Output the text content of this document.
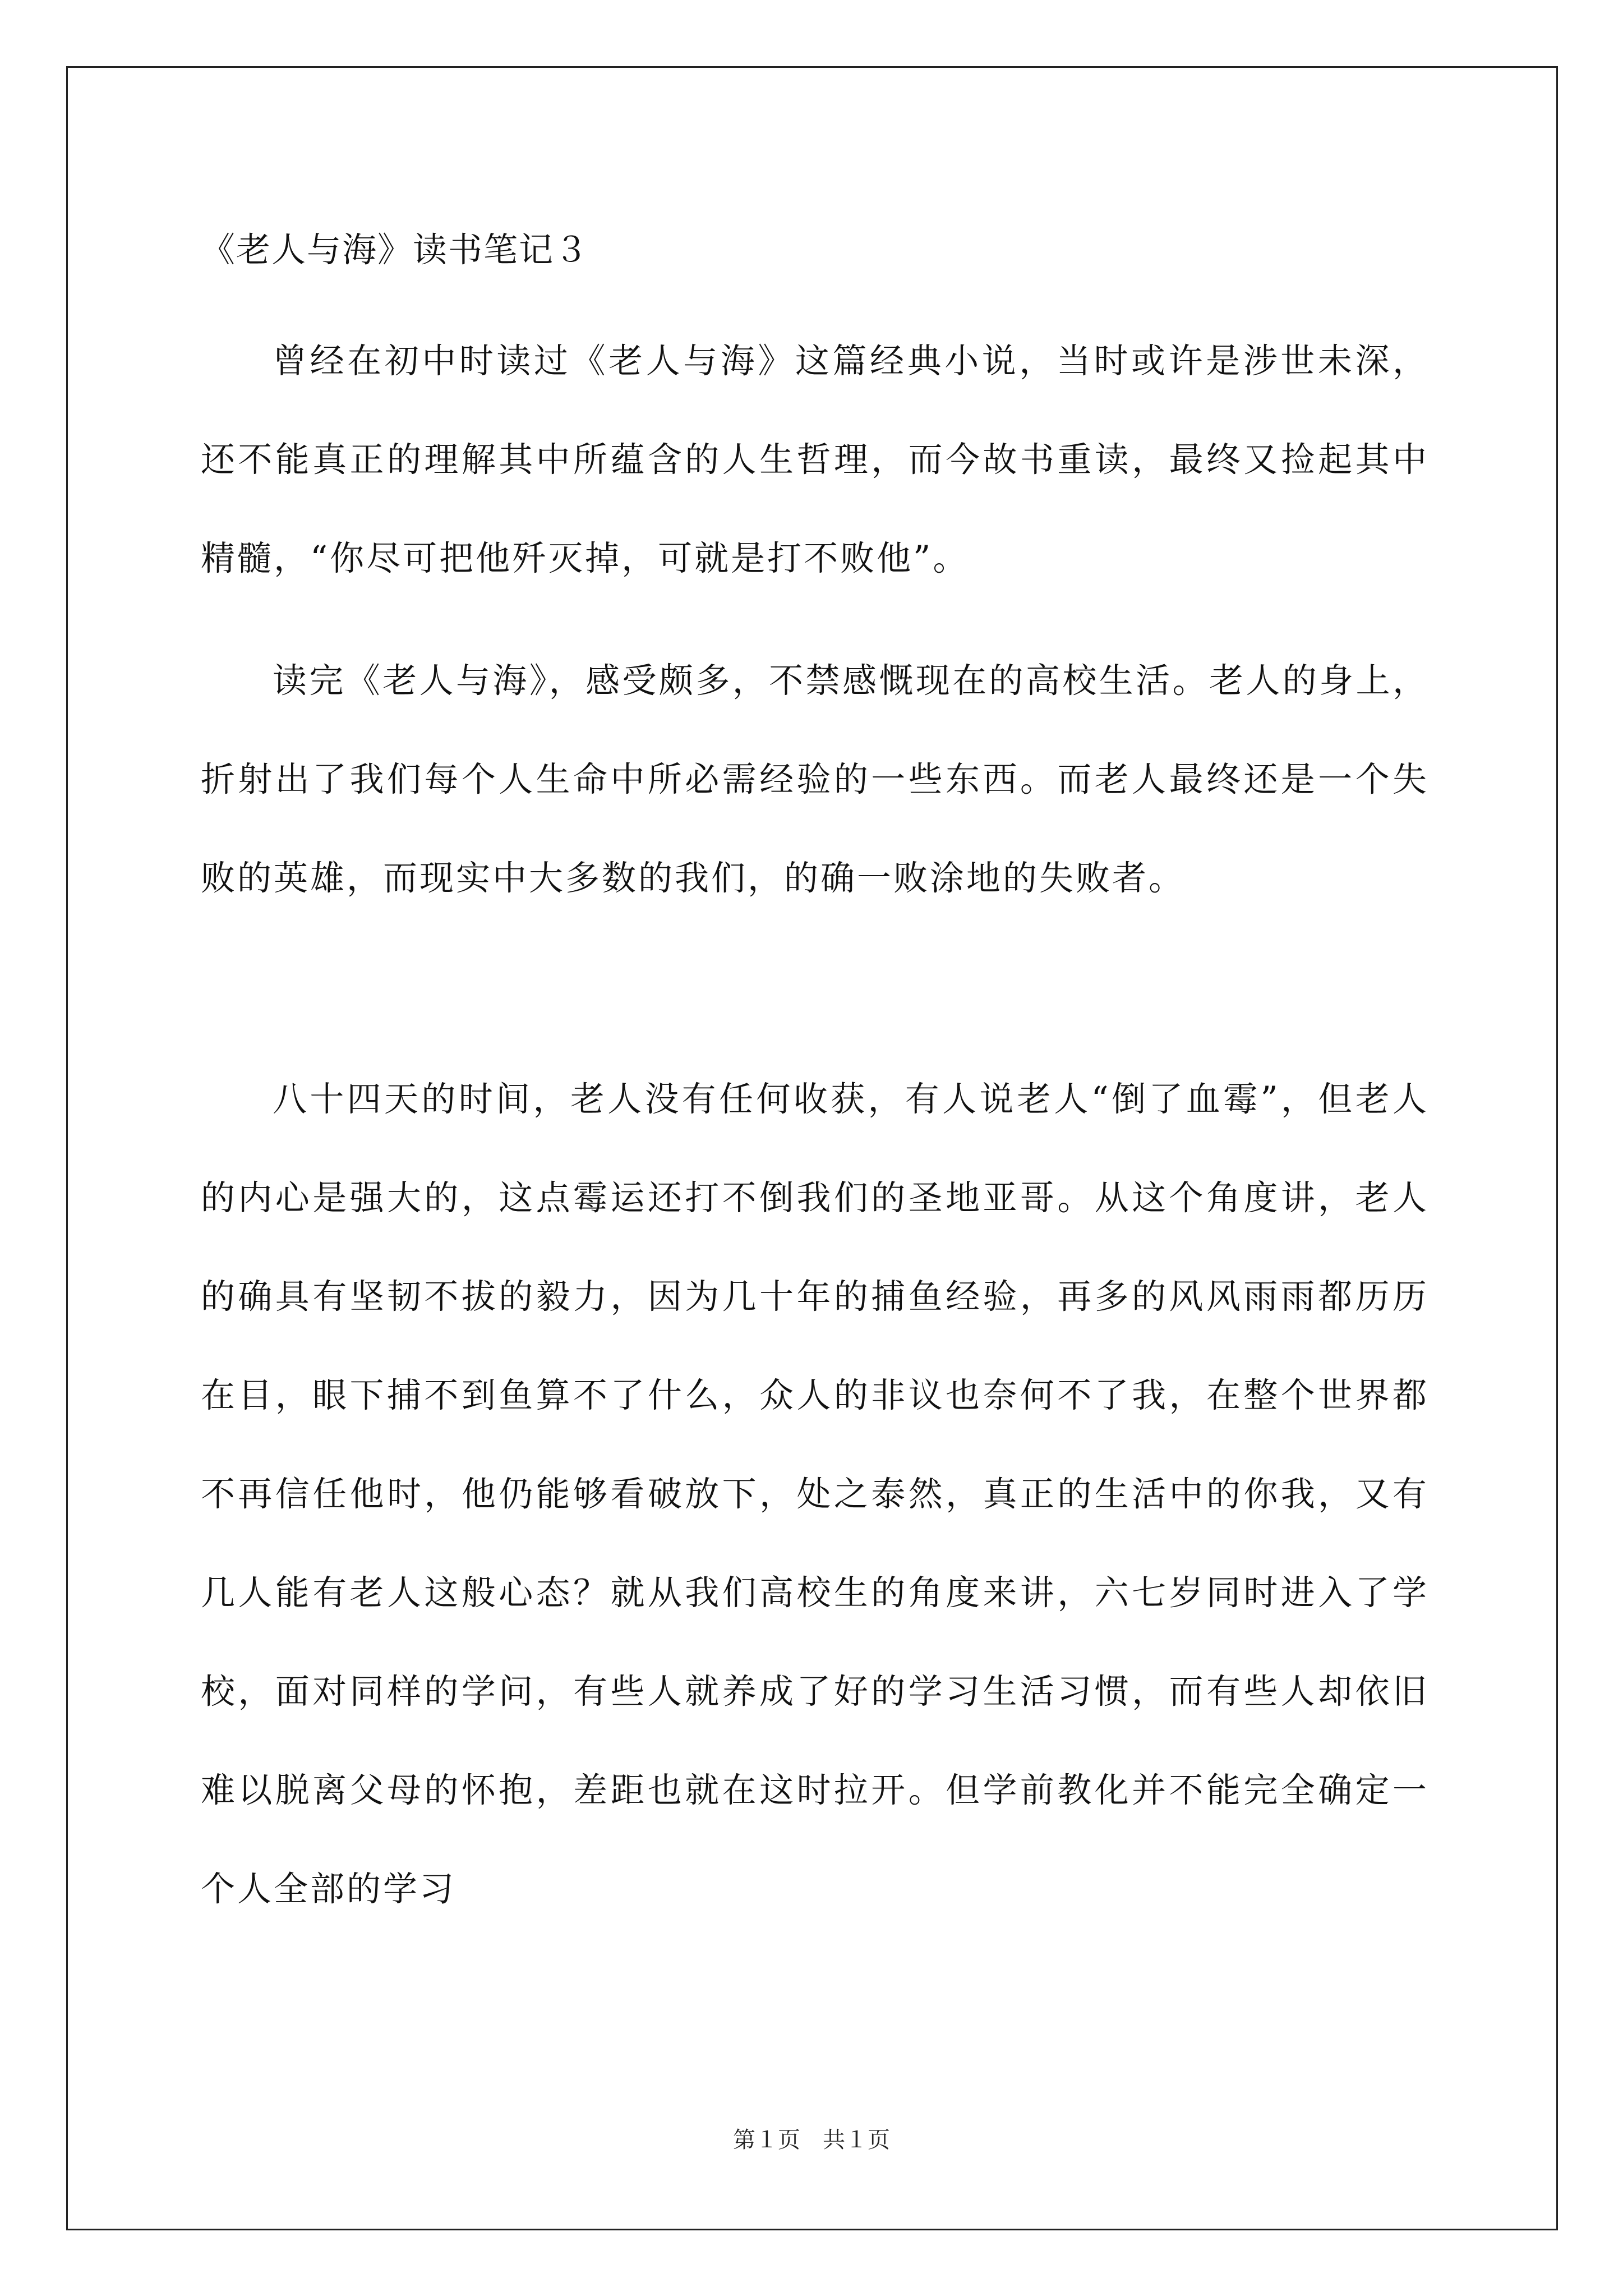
《老人与海》读书笔记３

曾经在初中时读过《老人与海》这篇经典小说，当时或许是涉世未深，还不能真正的理解其中所蕴含的人生哲理，而今故书重读，最终又捡起其中精髓，“你尽可把他歼灭掉，可就是打不败他”。

读完《老人与海》，感受颇多，不禁感慨现在的高校生活。老人的身上，折射出了我们每个人生命中所必需经验的一些东西。而老人最终还是一个失败的英雄，而现实中大多数的我们，的确一败涂地的失败者。

八十四天的时间，老人没有任何收获，有人说老人“倒了血霉”，但老人的内心是强大的，这点霉运还打不倒我们的圣地亚哥。从这个角度讲，老人的确具有坚韧不拔的毅力，因为几十年的捕鱼经验，再多的风风雨雨都历历在目，眼下捕不到鱼算不了什么，众人的非议也奈何不了我，在整个世界都不再信任他时，他仍能够看破放下，处之泰然，真正的生活中的你我，又有几人能有老人这般心态？就从我们高校生的角度来讲，六七岁同时进入了学校，面对同样的学问，有些人就养成了好的学习生活习惯，而有些人却依旧难以脱离父母的怀抱，差距也就在这时拉开。但学前教化并不能完全确定一个人全部的学习

第１页　共１页
